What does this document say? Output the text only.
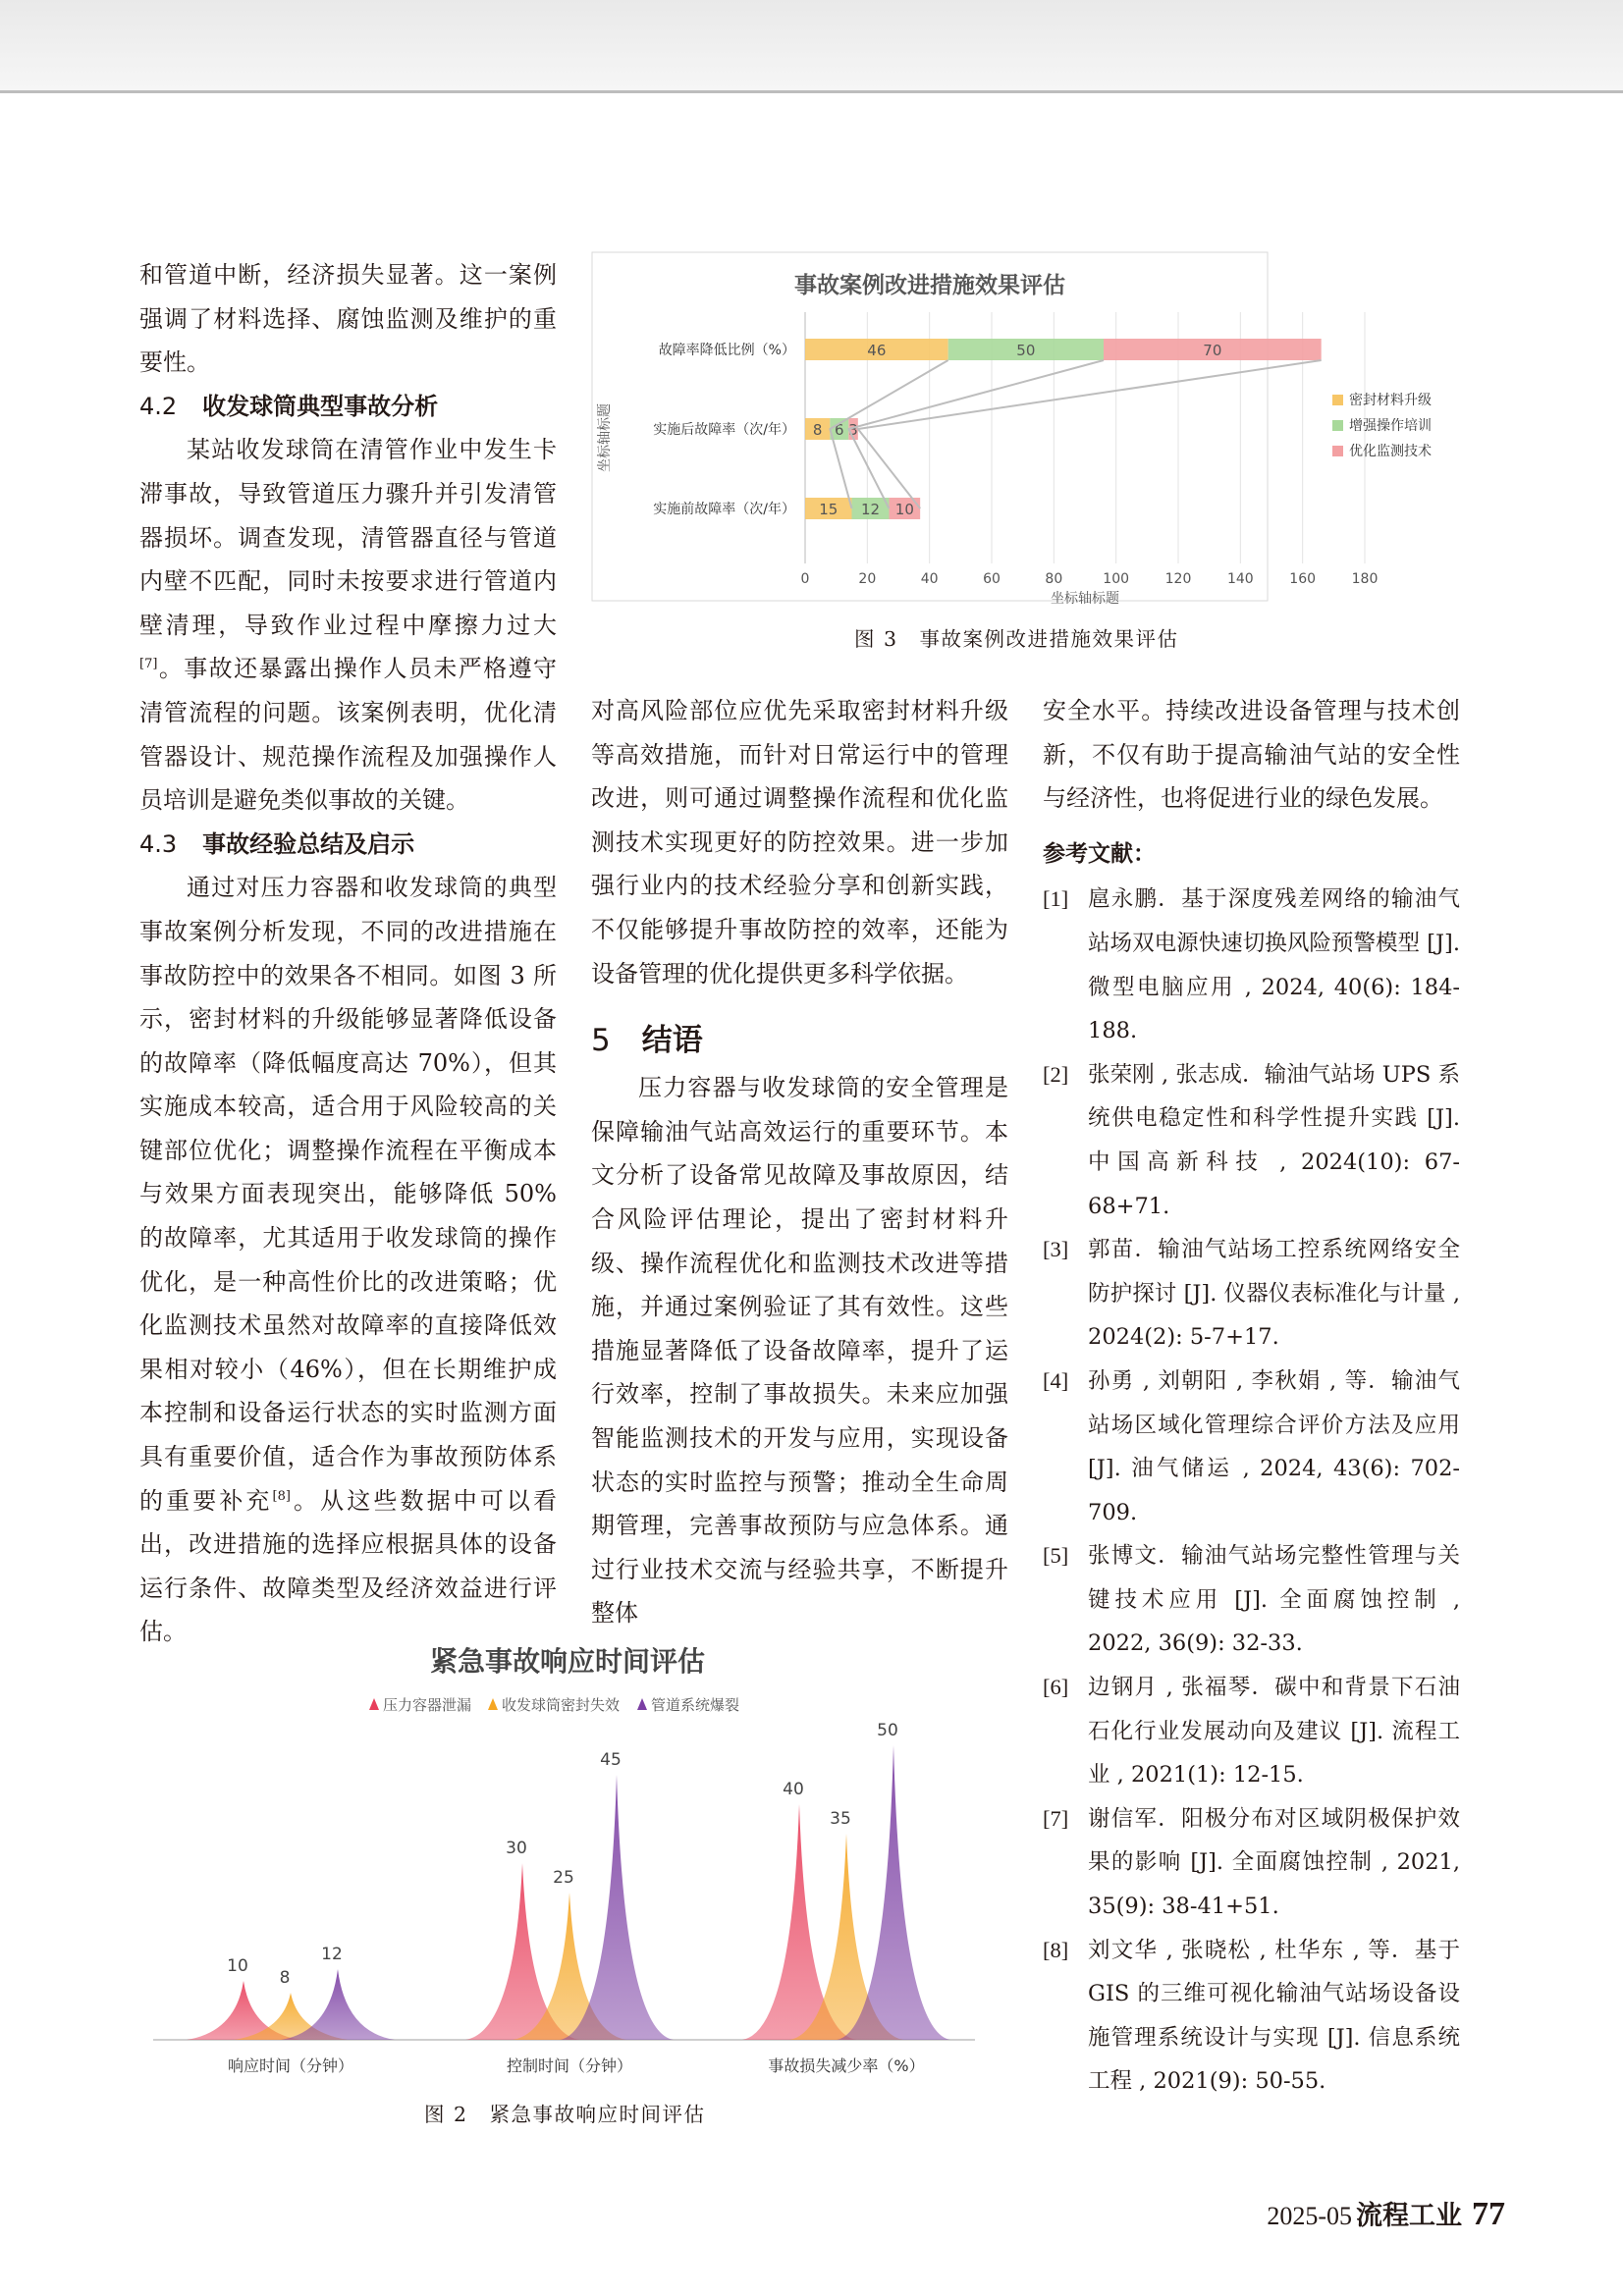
和管道中断，经济损失显著。这一案例强调了材料选择、腐蚀监测及维护的重要性。

4.2 收发球筒典型事故分析

某站收发球筒在清管作业中发生卡滞事故，导致管道压力骤升并引发清管器损坏。调查发现，清管器直径与管道内壁不匹配，同时未按要求进行管道内壁清理，导致作业过程中摩擦力过大[7]。事故还暴露出操作人员未严格遵守清管流程的问题。该案例表明，优化清管器设计、规范操作流程及加强操作人员培训是避免类似事故的关键。

4.3 事故经验总结及启示

通过对压力容器和收发球筒的典型事故案例分析发现，不同的改进措施在事故防控中的效果各不相同。如图 3 所示，密封材料的升级能够显著降低设备的故障率（降低幅度高达 70%），但其实施成本较高，适合用于风险较高的关键部位优化；调整操作流程在平衡成本与效果方面表现突出，能够降低 50% 的故障率，尤其适用于收发球筒的操作优化，是一种高性价比的改进策略；优化监测技术虽然对故障率的直接降低效果相对较小（46%），但在长期维护成本控制和设备运行状态的实时监测方面具有重要价值，适合作为事故预防体系的重要补充[8]。从这些数据中可以看出，改进措施的选择应根据具体的设备运行条件、故障类型及经济效益进行评估。

对高风险部位应优先采取密封材料升级等高效措施，而针对日常运行中的管理改进，则可通过调整操作流程和优化监测技术实现更好的防控效果。进一步加强行业内的技术经验分享和创新实践，不仅能够提升事故防控的效率，还能为设备管理的优化提供更多科学依据。

5 结语

压力容器与收发球筒的安全管理是保障输油气站高效运行的重要环节。本文分析了设备常见故障及事故原因，结合风险评估理论，提出了密封材料升级、操作流程优化和监测技术改进等措施，并通过案例验证了其有效性。这些措施显著降低了设备故障率，提升了运行效率，控制了事故损失。未来应加强智能监测技术的开发与应用，实现设备状态的实时监控与预警；推动全生命周期管理，完善事故预防与应急体系。通过行业技术交流与经验共享，不断提升整体

安全水平。持续改进设备管理与技术创新，不仅有助于提高输油气站的安全性与经济性，也将促进行业的绿色发展。

参考文献：
[1] 扈永鹏．基于深度残差网络的输油气站场双电源快速切换风险预警模型 [J]. 微型电脑应用 , 2024, 40(6): 184-188.
[2] 张荣刚 , 张志成．输油气站场 UPS 系统供电稳定性和科学性提升实践 [J]. 中国高新科技 , 2024(10): 67-68+71.
[3] 郭苗．输油气站场工控系统网络安全防护探讨 [J]. 仪器仪表标准化与计量 , 2024(2): 5-7+17.
[4] 孙勇 , 刘朝阳 , 李秋娟 , 等．输油气站场区域化管理综合评价方法及应用 [J]. 油气储运 , 2024, 43(6): 702-709.
[5] 张博文．输油气站场完整性管理与关键技术应用 [J]. 全面腐蚀控制 , 2022, 36(9): 32-33.
[6] 边钢月 , 张福琴．碳中和背景下石油石化行业发展动向及建议 [J]. 流程工业 , 2021(1): 12-15.
[7] 谢信军．阳极分布对区域阴极保护效果的影响 [J]. 全面腐蚀控制 , 2021, 35(9): 38-41+51.
[8] 刘文华 , 张晓松 , 杜华东 , 等．基于 GIS 的三维可视化输油气站场设备设施管理系统设计与实现 [J]. 信息系统工程 , 2021(9): 50-55.
事故案例改进措施效果评估
0	20	40	60	80	100	120	140	160	180
坐标轴标题
坐标轴标题
故障率降低比例（%）	46	50	70
实施后故障率（次/年） 8 6 3
实施前故障率（次/年） 15 12 10
密封材料升级
增强操作培训
优化监测技术
图 3　事故案例改进措施效果评估
紧急事故响应时间评估
压力容器泄漏 收发球筒密封失效 管道系统爆裂
响应时间（分钟）
10
8
12
控制时间（分钟）
30
25
45
事故损失减少率（%）
40
35
50
图 2　紧急事故响应时间评估
2025-05 流程工业 77
